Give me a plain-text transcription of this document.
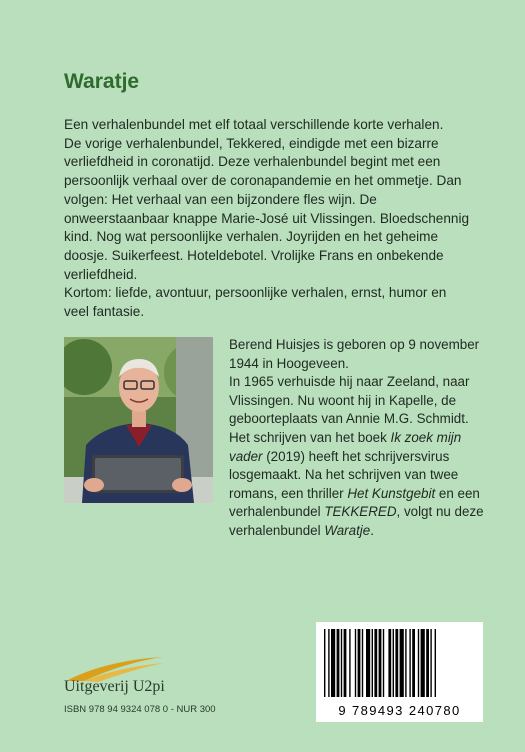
Waratje

Een verhalenbundel met elf totaal verschillende korte verhalen.

De vorige verhalenbundel, Tekkered, eindigde met een bizarre verliefdheid in coronatijd. Deze verhalenbundel begint met een persoonlijk verhaal over de coronapandemie en het ommetje. Dan volgen: Het verhaal van een bijzondere fles wijn. De onweerstaanbaar knappe Marie-José uit Vlissingen. Bloedschennig kind. Nog wat persoonlijke verhalen. Joyrijden en het geheime doosje. Suikerfeest. Hoteldebotel. Vrolijke Frans en onbekende verliefdheid.

Kortom: liefde, avontuur, persoonlijke verhalen, ernst, humor en veel fantasie.

Berend Huisjes is geboren op 9 november 1944 in Hoogeveen.

In 1965 verhuisde hij naar Zeeland, naar Vlissingen. Nu woont hij in Kapelle, de geboorteplaats van Annie M.G. Schmidt.

Het schrijven van het boek Ik zoek mijn vader (2019) heeft het schrijversvirus losgemaakt. Na het schrijven van twee romans, een thriller Het Kunstgebit en een verhalenbundel TEKKERED, volgt nu deze verhalenbundel Waratje.

Uitgeverij U2pi
ISBN 978 94 9324 078 0 - NUR 300	9 789493 240780
